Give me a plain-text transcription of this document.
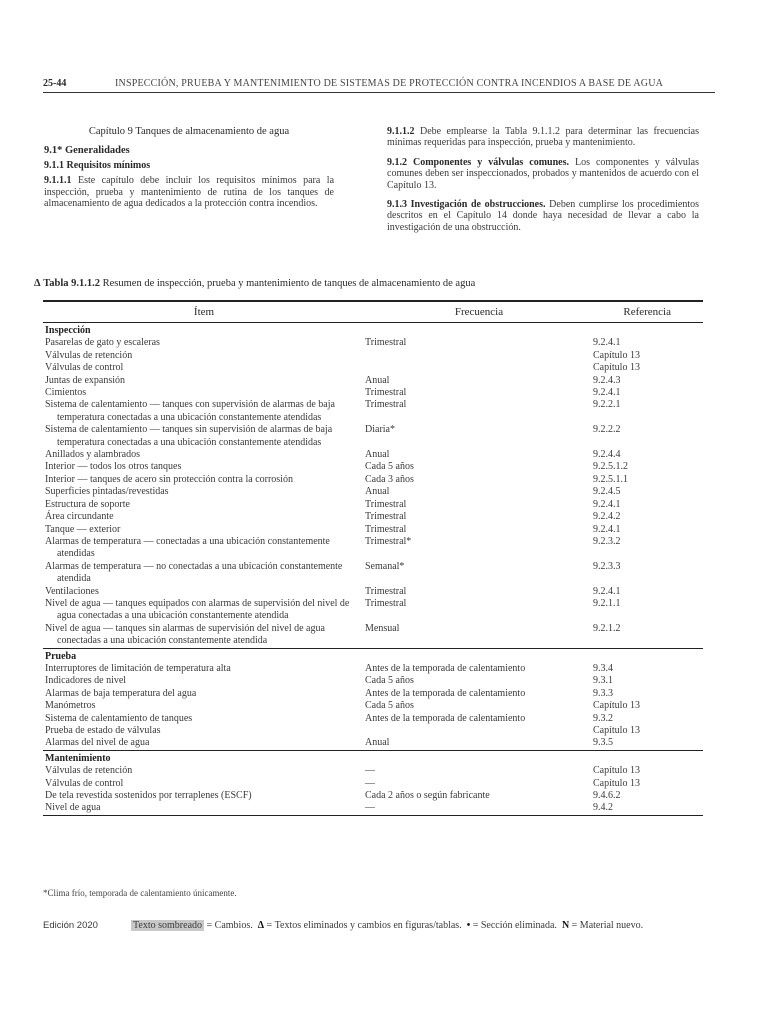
25-44	INSPECCIÓN, PRUEBA Y MANTENIMIENTO DE SISTEMAS DE PROTECCIÓN CONTRA INCENDIOS A BASE DE AGUA
Capítulo 9 Tanques de almacenamiento de agua
9.1* Generalidades
9.1.1 Requisitos mínimos

9.1.1.1 Este capítulo debe incluir los requisitos mínimos para la inspección, prueba y mantenimiento de rutina de los tanques de almacenamiento de agua dedicados a la protección contra incendios.

9.1.1.2 Debe emplearse la Tabla 9.1.1.2 para determinar las frecuencias mínimas requeridas para inspección, prueba y mantenimiento.

9.1.2 Componentes y válvulas comunes. Los componentes y válvulas comunes deben ser inspeccionados, probados y mantenidos de acuerdo con el Capítulo 13.

9.1.3 Investigación de obstrucciones. Deben cumplirse los procedimientos descritos en el Capítulo 14 donde haya necesidad de llevar a cabo la investigación de una obstrucción.

Δ Tabla 9.1.1.2 Resumen de inspección, prueba y mantenimiento de tanques de almacenamiento de agua
Ítem	Frecuencia	Referencia
Inspección		

Pasarelas de gato y escaleras	Trimestral	9.2.4.1

Válvulas de retención		Capítulo 13

Válvulas de control		Capítulo 13

Juntas de expansión	Anual	9.2.4.3

Cimientos	Trimestral	9.2.4.1

Sistema de calentamiento — tanques con supervisión de alarmas de baja temperatura conectadas a una ubicación constantemente atendidas	Trimestral	9.2.2.1

Sistema de calentamiento — tanques sin supervisión de alarmas de baja temperatura conectadas a una ubicación constantemente atendidas	Diaria*	9.2.2.2

Anillados y alambrados	Anual	9.2.4.4

Interior — todos los otros tanques	Cada 5 años	9.2.5.1.2

Interior — tanques de acero sin protección contra la corrosión	Cada 3 años	9.2.5.1.1

Superficies pintadas/revestidas	Anual	9.2.4.5

Estructura de soporte	Trimestral	9.2.4.1

Área circundante	Trimestral	9.2.4.2

Tanque — exterior	Trimestral	9.2.4.1

Alarmas de temperatura — conectadas a una ubicación constantemente atendidas	Trimestral*	9.2.3.2

Alarmas de temperatura — no conectadas a una ubicación constantemente atendida	Semanal*	9.2.3.3

Ventilaciones	Trimestral	9.2.4.1

Nivel de agua — tanques equipados con alarmas de supervisión del nivel de agua conectadas a una ubicación constantemente atendida	Trimestral	9.2.1.1

Nivel de agua — tanques sin alarmas de supervisión del nivel de agua conectadas a una ubicación constantemente atendida	Mensual	9.2.1.2
Prueba		

Interruptores de limitación de temperatura alta	Antes de la temporada de calentamiento	9.3.4

Indicadores de nivel	Cada 5 años	9.3.1

Alarmas de baja temperatura del agua	Antes de la temporada de calentamiento	9.3.3

Manómetros	Cada 5 años	Capítulo 13

Sistema de calentamiento de tanques	Antes de la temporada de calentamiento	9.3.2

Prueba de estado de válvulas		Capítulo 13

Alarmas del nivel de agua	Anual	9.3.5
Mantenimiento		

Válvulas de retención	—	Capítulo 13

Válvulas de control	—	Capítulo 13

De tela revestida sostenidos por terraplenes (ESCF)	Cada 2 años o según fabricante	9.4.6.2

Nivel de agua	—	9.4.2
*Clima frío, temporada de calentamiento únicamente.
Edición 2020	Texto sombreado = Cambios. Δ = Textos eliminados y cambios en figuras/tablas. • = Sección eliminada. N = Material nuevo.
